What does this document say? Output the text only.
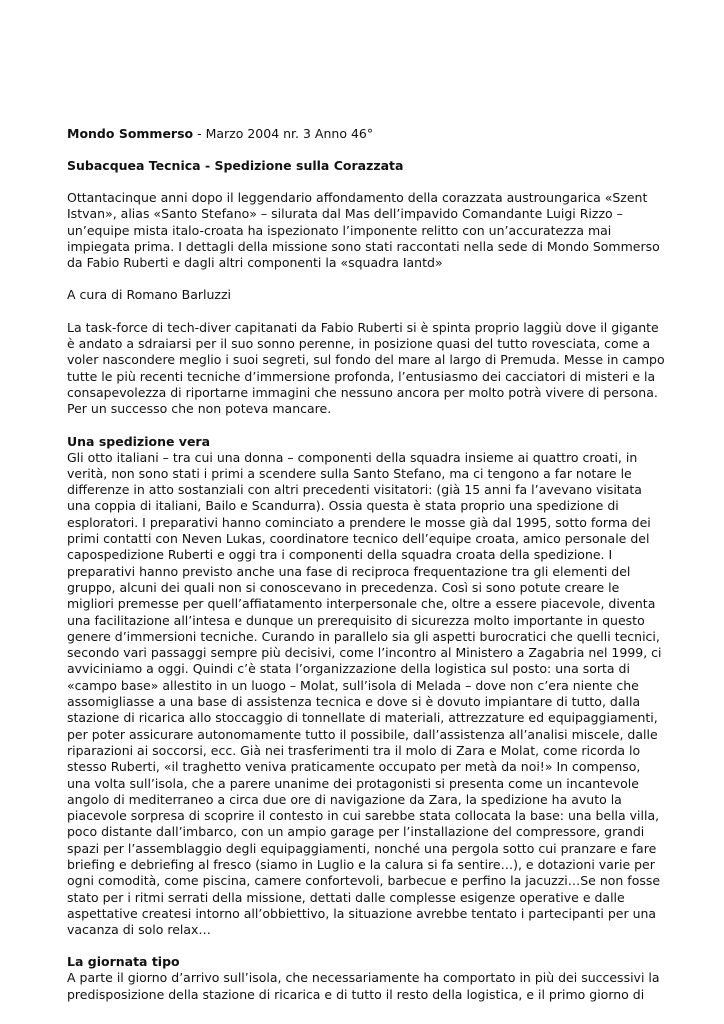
Mondo Sommerso - Marzo 2004 nr. 3 Anno 46°

Subacquea Tecnica - Spedizione sulla Corazzata

Ottantacinque anni dopo il leggendario affondamento della corazzata austroungarica «Szent Istvan», alias «Santo Stefano» – silurata dal Mas dell’impavido Comandante Luigi Rizzo – un’equipe mista italo-croata ha ispezionato l’imponente relitto con un’accuratezza mai impiegata prima. I dettagli della missione sono stati raccontati nella sede di Mondo Sommerso da Fabio Ruberti e dagli altri componenti la «squadra Iantd»

A cura di Romano Barluzzi

La task-force di tech-diver capitanati da Fabio Ruberti si è spinta proprio laggiù dove il gigante è andato a sdraiarsi per il suo sonno perenne, in posizione quasi del tutto rovesciata, come a voler nascondere meglio i suoi segreti, sul fondo del mare al largo di Premuda. Messe in campo tutte le più recenti tecniche d’immersione profonda, l’entusiasmo dei cacciatori di misteri e la consapevolezza di riportarne immagini che nessuno ancora per molto potrà vivere di persona. Per un successo che non poteva mancare.

Una spedizione vera

Gli otto italiani – tra cui una donna – componenti della squadra insieme ai quattro croati, in verità, non sono stati i primi a scendere sulla Santo Stefano, ma ci tengono a far notare le differenze in atto sostanziali con altri precedenti visitatori: (già 15 anni fa l’avevano visitata una coppia di italiani, Bailo e Scandurra). Ossia questa è stata proprio una spedizione di esploratori. I preparativi hanno cominciato a prendere le mosse già dal 1995, sotto forma dei primi contatti con Neven Lukas, coordinatore tecnico dell’equipe croata, amico personale del capospedizione Ruberti e oggi tra i componenti della squadra croata della spedizione. I preparativi hanno previsto anche una fase di reciproca frequentazione tra gli elementi del gruppo, alcuni dei quali non si conoscevano in precedenza. Così si sono potute creare le migliori premesse per quell’affiatamento interpersonale che, oltre a essere piacevole, diventa una facilitazione all’intesa e dunque un prerequisito di sicurezza molto importante in questo genere d’immersioni tecniche. Curando in parallelo sia gli aspetti burocratici che quelli tecnici, secondo vari passaggi sempre più decisivi, come l’incontro al Ministero a Zagabria nel 1999, ci avviciniamo a oggi. Quindi c’è stata l’organizzazione della logistica sul posto: una sorta di «campo base» allestito in un luogo – Molat, sull’isola di Melada – dove non c’era niente che assomigliasse a una base di assistenza tecnica e dove si è dovuto impiantare di tutto, dalla stazione di ricarica allo stoccaggio di tonnellate di materiali, attrezzature ed equipaggiamenti, per poter assicurare autonomamente tutto il possibile, dall’assistenza all’analisi miscele, dalle riparazioni ai soccorsi, ecc. Già nei trasferimenti tra il molo di Zara e Molat, come ricorda lo stesso Ruberti, «il traghetto veniva praticamente occupato per metà da noi!» In compenso, una volta sull’isola, che a parere unanime dei protagonisti si presenta come un incantevole angolo di mediterraneo a circa due ore di navigazione da Zara, la spedizione ha avuto la piacevole sorpresa di scoprire il contesto in cui sarebbe stata collocata la base: una bella villa, poco distante dall’imbarco, con un ampio garage per l’installazione del compressore, grandi spazi per l’assemblaggio degli equipaggiamenti, nonché una pergola sotto cui pranzare e fare briefing e debriefing al fresco (siamo in Luglio e la calura si fa sentire…), e dotazioni varie per ogni comodità, come piscina, camere confortevoli, barbecue e perfino la jacuzzi…Se non fosse stato per i ritmi serrati della missione, dettati dalle complesse esigenze operative e dalle aspettative createsi intorno all’obbiettivo, la situazione avrebbe tentato i partecipanti per una vacanza di solo relax…

La giornata tipo

A parte il giorno d’arrivo sull’isola, che necessariamente ha comportato in più dei successivi la predisposizione della stazione di ricarica e di tutto il resto della logistica, e il primo giorno di
